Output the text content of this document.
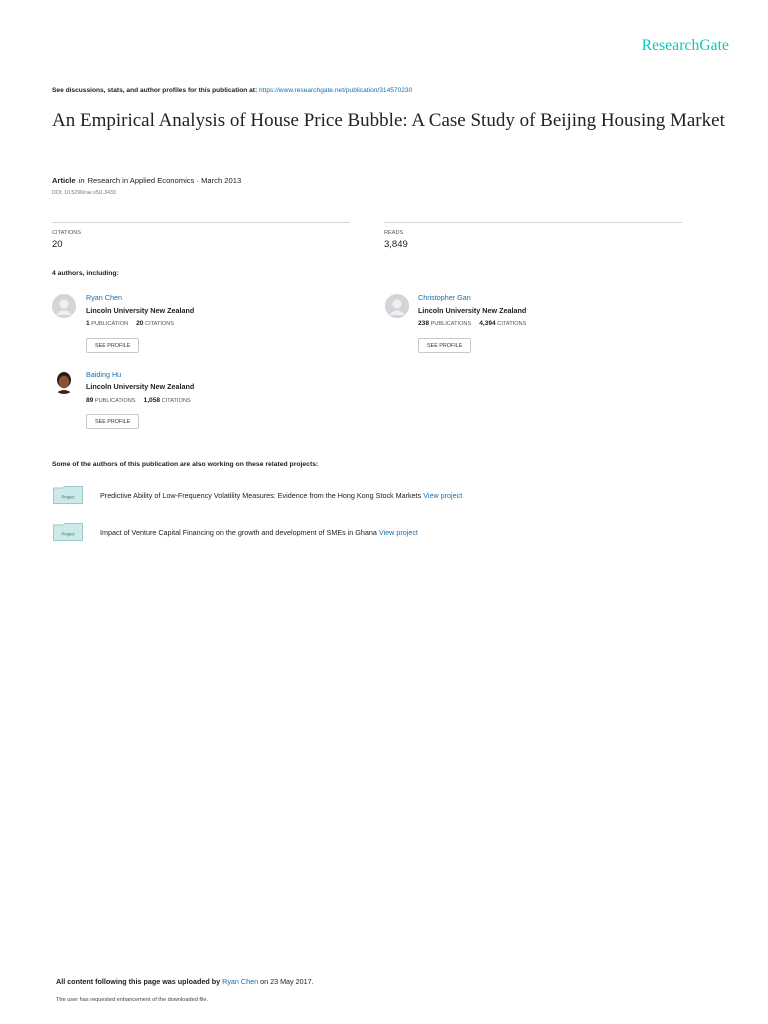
ResearchGate
See discussions, stats, and author profiles for this publication at: https://www.researchgate.net/publication/314570230
An Empirical Analysis of House Price Bubble: A Case Study of Beijing Housing Market
Article in Research in Applied Economics · March 2013
DOI: 10.5296/rae.v5i1.3433
CITATIONS
20
READS
3,849
4 authors, including:
Ryan Chen
Lincoln University New Zealand
1 PUBLICATION 20 CITATIONS
SEE PROFILE
Christopher Gan
Lincoln University New Zealand
238 PUBLICATIONS 4,394 CITATIONS
SEE PROFILE
Baiding Hu
Lincoln University New Zealand
89 PUBLICATIONS 1,058 CITATIONS
SEE PROFILE
Some of the authors of this publication are also working on these related projects:
Project	Predictive Ability of Low-Frequency Volatility Measures: Evidence from the Hong Kong Stock Markets View project
Project	Impact of Venture Capital Financing on the growth and development of SMEs in Ghana View project
All content following this page was uploaded by Ryan Chen on 23 May 2017.
The user has requested enhancement of the downloaded file.
